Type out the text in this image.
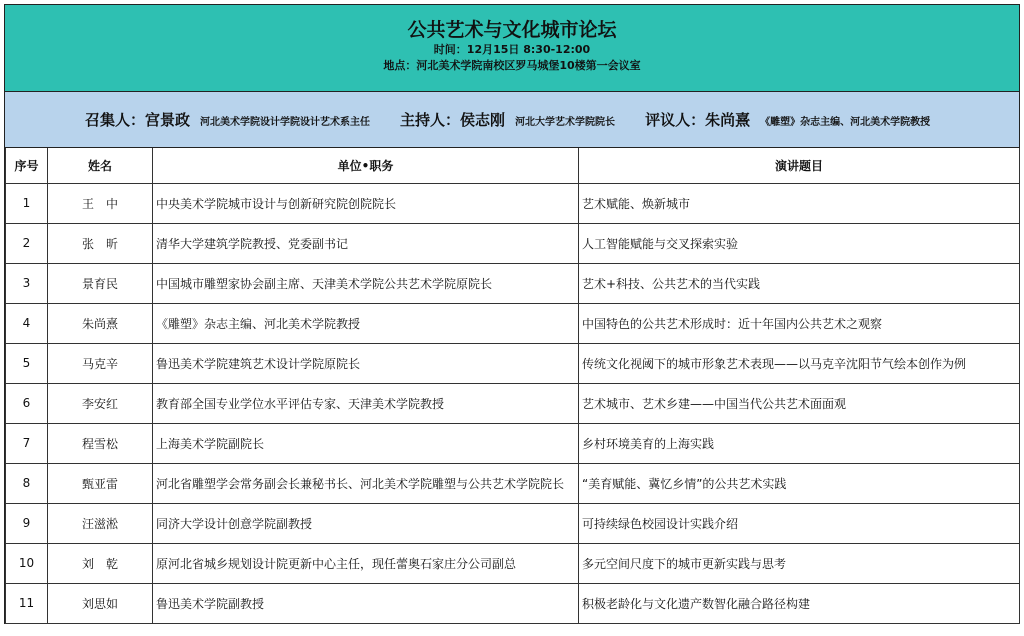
公共艺术与文化城市论坛
时间：12月15日 8:30-12:00
地点：河北美术学院南校区罗马城堡10楼第一会议室
召集人： 宫景政 河北美术学院设计学院设计艺术系主任 主持人： 侯志刚 河北大学艺术学院院长 评议人： 朱尚熹 《雕塑》杂志主编、河北美术学院教授
序号	姓名	单位•职务	演讲题目
1	王　中	中央美术学院城市设计与创新研究院创院院长	艺术赋能、焕新城市
2	张　昕	清华大学建筑学院教授、党委副书记	人工智能赋能与交叉探索实验
3	景育民	中国城市雕塑家协会副主席、天津美术学院公共艺术学院原院长	艺术+科技、公共艺术的当代实践
4	朱尚熹	《雕塑》杂志主编、河北美术学院教授	中国特色的公共艺术形成时：近十年国内公共艺术之观察
5	马克辛	鲁迅美术学院建筑艺术设计学院原院长	传统文化视阈下的城市形象艺术表现——以马克辛沈阳节气绘本创作为例
6	李安红	教育部全国专业学位水平评估专家、天津美术学院教授	艺术城市、艺术乡建——中国当代公共艺术面面观
7	程雪松	上海美术学院副院长	乡村环境美育的上海实践
8	甄亚雷	河北省雕塑学会常务副会长兼秘书长、河北美术学院雕塑与公共艺术学院院长	“美育赋能、冀忆乡情”的公共艺术实践
9	汪滋淞	同济大学设计创意学院副教授	可持续绿色校园设计实践介绍
10	刘　乾	原河北省城乡规划设计院更新中心主任，现任蕾奥石家庄分公司副总	多元空间尺度下的城市更新实践与思考
11	刘思如	鲁迅美术学院副教授	积极老龄化与文化遗产数智化融合路径构建
